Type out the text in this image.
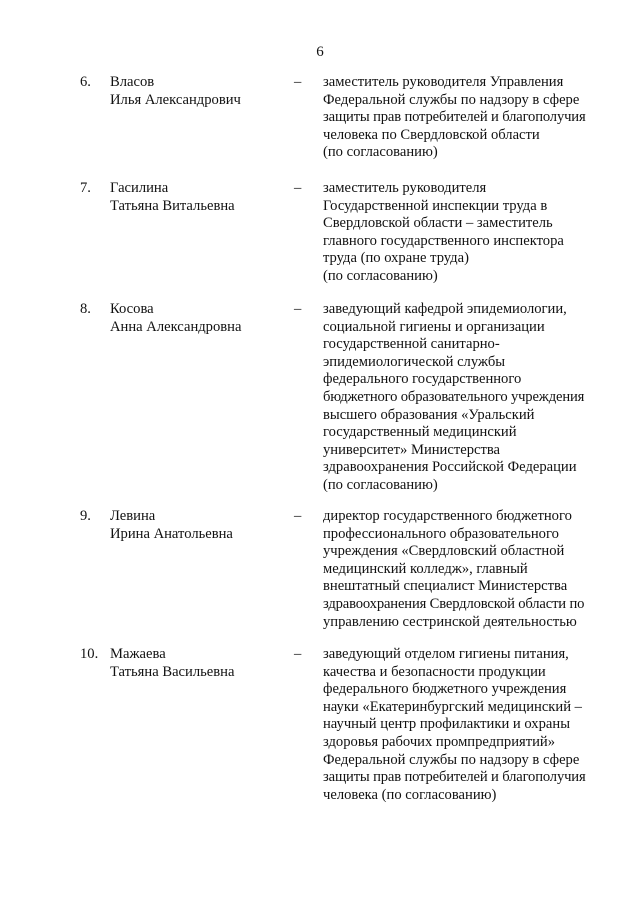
6
6. Власов
Илья Александрович
– заместитель руководителя Управления
Федеральной службы по надзору в сфере
защиты прав потребителей и благополучия
человека по Свердловской области
(по согласованию)
7. Гасилина
Татьяна Витальевна
– заместитель руководителя
Государственной инспекции труда в
Свердловской области – заместитель
главного государственного инспектора
труда (по охране труда)
(по согласованию)
8. Косова
Анна Александровна
– заведующий кафедрой эпидемиологии,
социальной гигиены и организации
государственной санитарно-
эпидемиологической службы
федерального государственного
бюджетного образовательного учреждения
высшего образования «Уральский
государственный медицинский
университет» Министерства
здравоохранения Российской Федерации
(по согласованию)
9. Левина
Ирина Анатольевна
– директор государственного бюджетного
профессионального образовательного
учреждения «Свердловский областной
медицинский колледж», главный
внештатный специалист Министерства
здравоохранения Свердловской области по
управлению сестринской деятельностью
10. Мажаева
Татьяна Васильевна
– заведующий отделом гигиены питания,
качества и безопасности продукции
федерального бюджетного учреждения
науки «Екатеринбургский медицинский –
научный центр профилактики и охраны
здоровья рабочих промпредприятий»
Федеральной службы по надзору в сфере
защиты прав потребителей и благополучия
человека (по согласованию)
